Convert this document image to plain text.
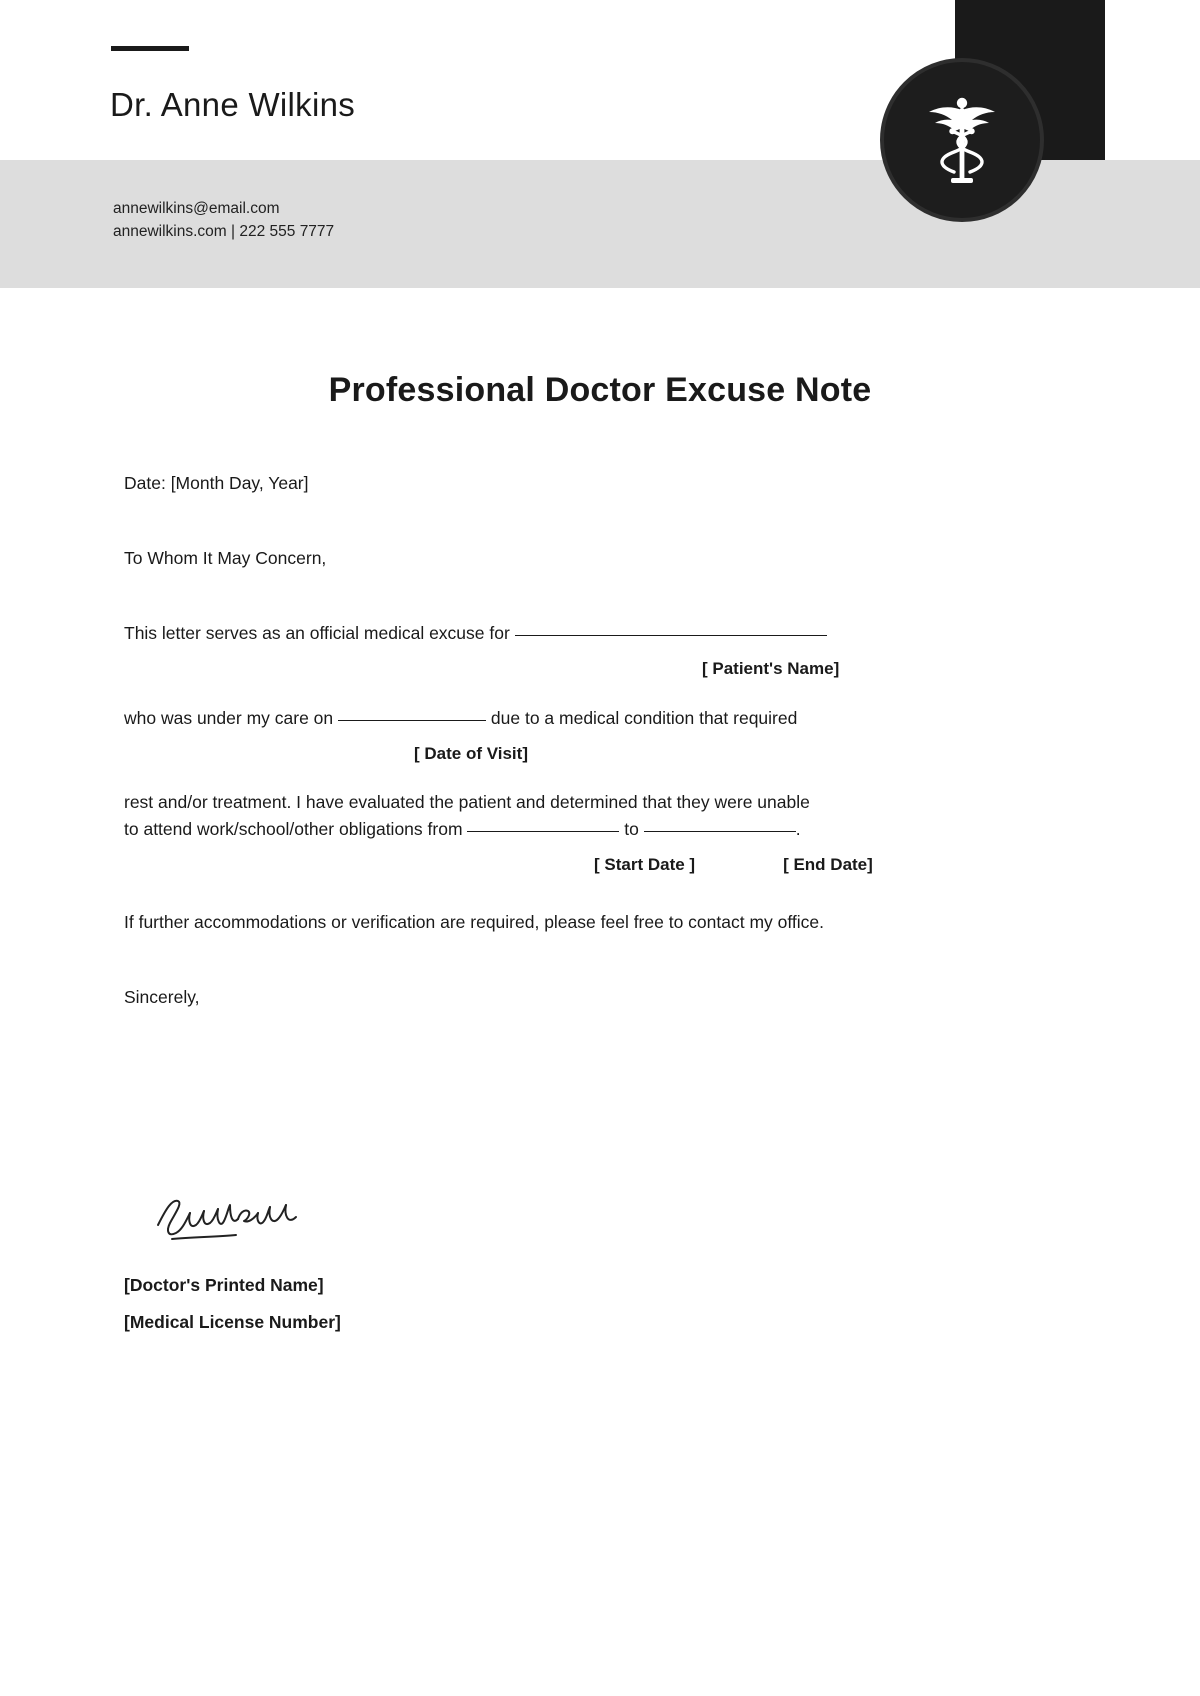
Dr. Anne Wilkins
annewilkins@email.com
annewilkins.com | 222 555 7777
Professional Doctor Excuse Note

Date: [Month Day, Year]

To Whom It May Concern,

This letter serves as an official medical excuse for

[ Patient's Name]

who was under my care on	due to a medical condition that required

[ Date of Visit]

rest and/or treatment. I have evaluated the patient and determined that they were unable

to attend work/school/other obligations from	to	.

[ Start Date ]	[ End Date]

If further accommodations or verification are required, please feel free to contact my office.

Sincerely,

[Doctor's Printed Name]
[Medical License Number]
